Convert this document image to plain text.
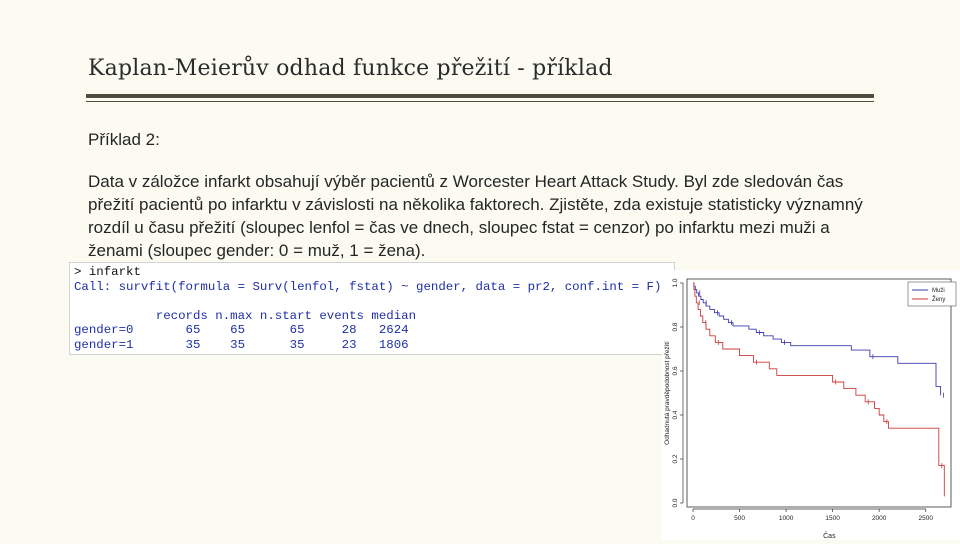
Kaplan-Meierův odhad funkce přežití - příklad
Příklad 2:
Data v záložce infarkt obsahují výběr pacientů z Worcester Heart Attack Study. Byl zde sledován čas přežití pacientů po infarktu v závislosti na několika faktorech. Zjistěte, zda existuje statisticky významný rozdíl u času přežití (sloupec lenfol = čas ve dnech, sloupec fstat = cenzor) po infarktu mezi muži a ženami (sloupec gender: 0 = muž, 1 = žena).
> infarkt
Call: survfit(formula = Surv(lenfol, fstat) ~ gender, data = pr2, conf.int = F)

records n.max n.start events median
gender=0       65    65      65     28   2624
gender=1       35    35      35     23   1806
0	500	1000	1500	2000	2500
0.0
0.2
0.4
0.6
0.8
1.0
Muži
Ženy
Čas
Odhadnutá pravděpodobnost přežití
